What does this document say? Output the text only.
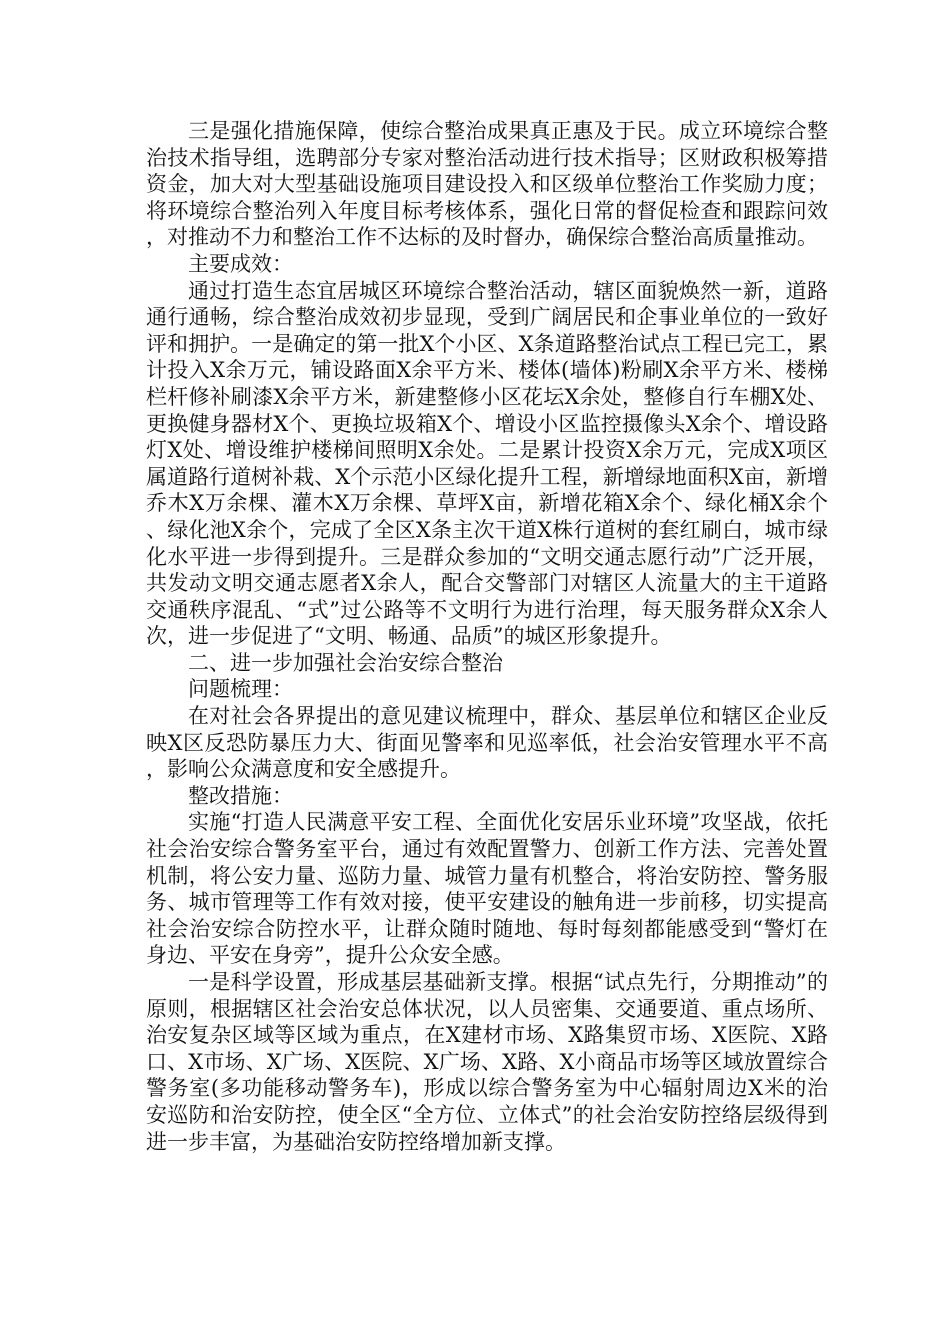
三是强化措施保障，使综合整治成果真正惠及于民。成立环境综合整治技术指导组，选聘部分专家对整治活动进行技术指导；区财政积极筹措资金，加大对大型基础设施项目建设投入和区级单位整治工作奖励力度；将环境综合整治列入年度目标考核体系，强化日常的督促检查和跟踪问效，对推动不力和整治工作不达标的及时督办，确保综合整治高质量推动。

主要成效：

通过打造生态宜居城区环境综合整治活动，辖区面貌焕然一新，道路通行通畅，综合整治成效初步显现，受到广阔居民和企事业单位的一致好评和拥护。一是确定的第一批X个小区、X条道路整治试点工程已完工，累计投入X余万元，铺设路面X余平方米、楼体(墙体)粉刷X余平方米、楼梯栏杆修补刷漆X余平方米，新建整修小区花坛X余处，整修自行车棚X处、更换健身器材X个、更换垃圾箱X个、增设小区监控摄像头X余个、增设路灯X处、增设维护楼梯间照明X余处。二是累计投资X余万元，完成X项区属道路行道树补栽、X个示范小区绿化提升工程，新增绿地面积X亩，新增乔木X万余棵、灌木X万余棵、草坪X亩，新增花箱X余个、绿化桶X余个、绿化池X余个，完成了全区X条主次干道X株行道树的套红刷白，城市绿化水平进一步得到提升。三是群众参加的“文明交通志愿行动”广泛开展，共发动文明交通志愿者X余人，配合交警部门对辖区人流量大的主干道路交通秩序混乱、“式”过公路等不文明行为进行治理，每天服务群众X余人次，进一步促进了“文明、畅通、品质”的城区形象提升。

二、进一步加强社会治安综合整治

问题梳理：

在对社会各界提出的意见建议梳理中，群众、基层单位和辖区企业反映X区反恐防暴压力大、街面见警率和见巡率低，社会治安管理水平不高，影响公众满意度和安全感提升。

整改措施：

实施“打造人民满意平安工程、全面优化安居乐业环境”攻坚战，依托社会治安综合警务室平台，通过有效配置警力、创新工作方法、完善处置机制，将公安力量、巡防力量、城管力量有机整合，将治安防控、警务服务、城市管理等工作有效对接，使平安建设的触角进一步前移，切实提高社会治安综合防控水平，让群众随时随地、每时每刻都能感受到“警灯在身边、平安在身旁”，提升公众安全感。

一是科学设置，形成基层基础新支撑。根据“试点先行，分期推动”的原则，根据辖区社会治安总体状况，以人员密集、交通要道、重点场所、治安复杂区域等区域为重点，在X建材市场、X路集贸市场、X医院、X路口、X市场、X广场、X医院、X广场、X路、X小商品市场等区域放置综合警务室(多功能移动警务车)，形成以综合警务室为中心辐射周边X米的治安巡防和治安防控，使全区“全方位、立体式”的社会治安防控络层级得到进一步丰富，为基础治安防控络增加新支撑。
